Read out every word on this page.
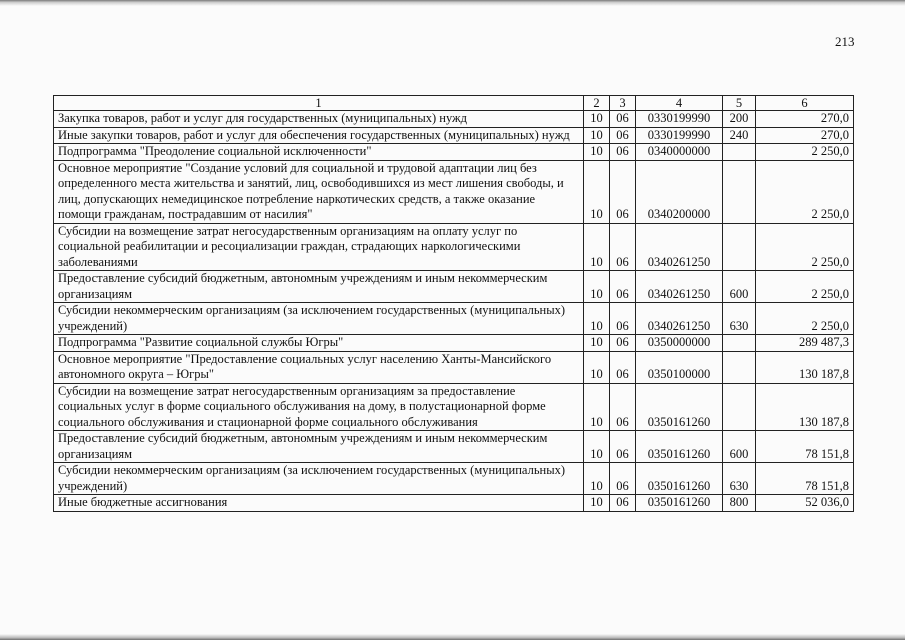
213
1	2	3	4	5	6
Закупка товаров, работ и услуг для государственных (муниципальных) нужд	10	06	0330199990	200	270,0
Иные закупки товаров, работ и услуг для обеспечения государственных (муниципальных) нужд	10	06	0330199990	240	270,0
Подпрограмма "Преодоление социальной исключенности"	10	06	0340000000		2 250,0
Основное мероприятие "Создание условий для социальной и трудовой адаптации лиц без определенного места жительства и занятий, лиц, освободившихся из мест лишения свободы, и лиц, допускающих немедицинское потребление наркотических средств, а также оказание помощи гражданам, пострадавшим от насилия"	10	06	0340200000		2 250,0
Субсидии на возмещение затрат негосударственным организациям на оплату услуг по социальной реабилитации и ресоциализации граждан, страдающих наркологическими заболеваниями	10	06	0340261250		2 250,0
Предоставление субсидий бюджетным, автономным учреждениям и иным некоммерческим организациям	10	06	0340261250	600	2 250,0
Субсидии некоммерческим организациям (за исключением государственных (муниципальных) учреждений)	10	06	0340261250	630	2 250,0
Подпрограмма "Развитие социальной службы Югры"	10	06	0350000000		289 487,3
Основное мероприятие "Предоставление социальных услуг населению Ханты-Мансийского автономного округа – Югры"	10	06	0350100000		130 187,8
Субсидии на возмещение затрат негосударственным организациям за предоставление социальных услуг в форме социального обслуживания на дому, в полустационарной форме социального обслуживания и стационарной форме социального обслуживания	10	06	0350161260		130 187,8
Предоставление субсидий бюджетным, автономным учреждениям и иным некоммерческим организациям	10	06	0350161260	600	78 151,8
Субсидии некоммерческим организациям (за исключением государственных (муниципальных) учреждений)	10	06	0350161260	630	78 151,8
Иные бюджетные ассигнования	10	06	0350161260	800	52 036,0
